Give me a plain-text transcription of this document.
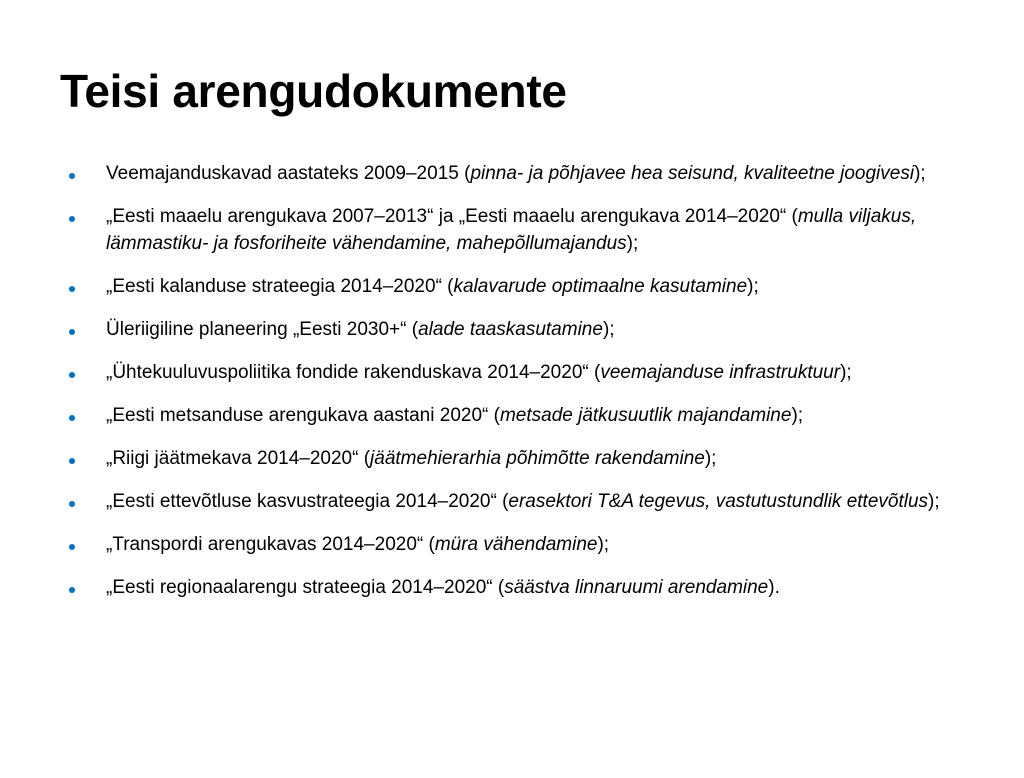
Teisi arengudokumente
Veemajanduskavad aastateks 2009–2015 (pinna- ja põhjavee hea seisund, kvaliteetne joogivesi);
„Eesti maaelu arengukava 2007–2013“ ja „Eesti maaelu arengukava 2014–2020“ (mulla viljakus, lämmastiku- ja fosforiheite vähendamine, mahepõllumajandus);
„Eesti kalanduse strateegia 2014–2020“ (kalavarude optimaalne kasutamine);
Üleriigiline planeering „Eesti 2030+“ (alade taaskasutamine);
„Ühtekuuluvuspoliitika fondide rakenduskava 2014–2020“ (veemajanduse infrastruktuur);
„Eesti metsanduse arengukava aastani 2020“ (metsade jätkusuutlik majandamine);
„Riigi jäätmekava 2014–2020“ (jäätmehierarhia põhimõtte rakendamine);
„Eesti ettevõtluse kasvustrateegia 2014–2020“ (erasektori T&A tegevus, vastutustundlik ettevõtlus);
„Transpordi arengukavas 2014–2020“ (müra vähendamine);
„Eesti regionaalarengu strateegia 2014–2020“ (säästva linnaruumi arendamine).
